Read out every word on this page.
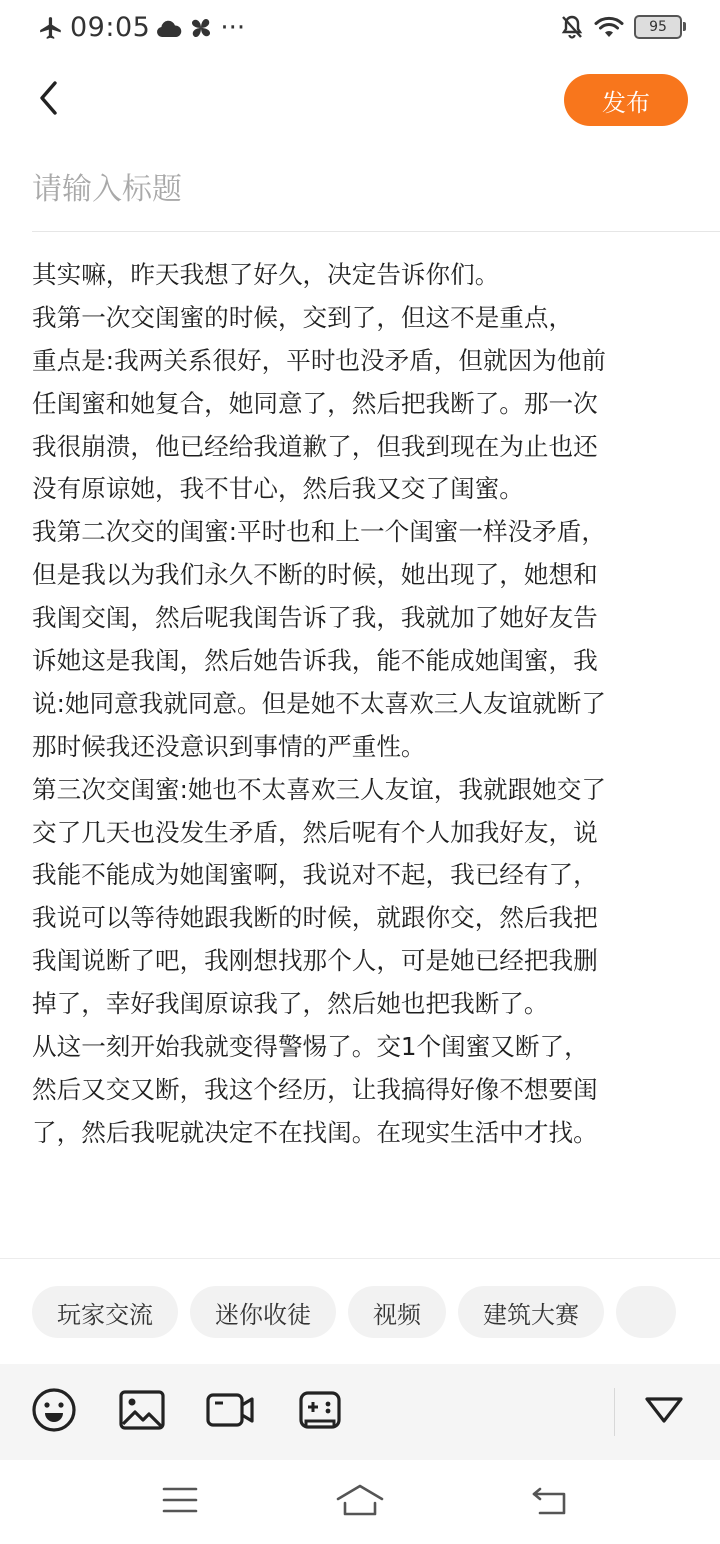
09:05	···	95
发布
请输入标题
其实嘛，昨天我想了好久，决定告诉你们。
我第一次交闺蜜的时候，交到了，但这不是重点，
重点是:我两关系很好，平时也没矛盾，但就因为他前
任闺蜜和她复合，她同意了，然后把我断了。那一次
我很崩溃，他已经给我道歉了，但我到现在为止也还
没有原谅她，我不甘心，然后我又交了闺蜜。
我第二次交的闺蜜:平时也和上一个闺蜜一样没矛盾，
但是我以为我们永久不断的时候，她出现了，她想和
我闺交闺，然后呢我闺告诉了我，我就加了她好友告
诉她这是我闺，然后她告诉我，能不能成她闺蜜，我
说:她同意我就同意。但是她不太喜欢三人友谊就断了
那时候我还没意识到事情的严重性。
第三次交闺蜜:她也不太喜欢三人友谊，我就跟她交了
交了几天也没发生矛盾，然后呢有个人加我好友，说
我能不能成为她闺蜜啊，我说对不起，我已经有了，
我说可以等待她跟我断的时候，就跟你交，然后我把
我闺说断了吧，我刚想找那个人，可是她已经把我删
掉了，幸好我闺原谅我了，然后她也把我断了。
从这一刻开始我就变得警惕了。交1个闺蜜又断了，
然后又交又断，我这个经历，让我搞得好像不想要闺
了，然后我呢就决定不在找闺。在现实生活中才找。
玩家交流	迷你收徒	视频	建筑大赛
